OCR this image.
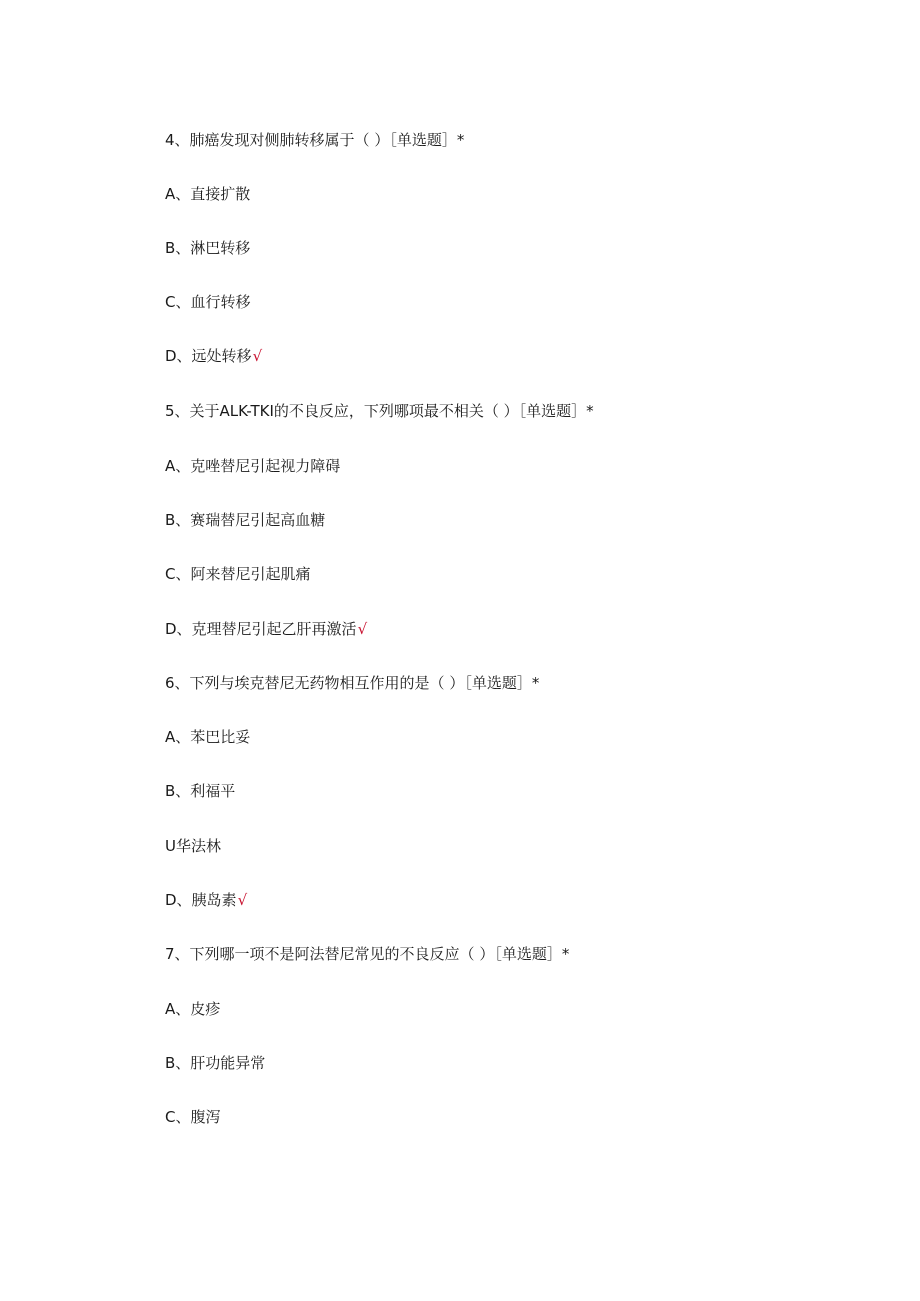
4、肺癌发现对侧肺转移属于（ ）［单选题］*
A、直接扩散
B、淋巴转移
C、血行转移
D、远处转移√
5、关于ALK-TKI的不良反应，下列哪项最不相关（ ）［单选题］*
A、克唑替尼引起视力障碍
B、赛瑞替尼引起高血糖
C、阿来替尼引起肌痛
D、克理替尼引起乙肝再激活√
6、下列与埃克替尼无药物相互作用的是（ ）［单选题］*
A、苯巴比妥
B、利福平
U华法林
D、胰岛素√
7、下列哪一项不是阿法替尼常见的不良反应（ ）［单选题］*
A、皮疹
B、肝功能异常
C、腹泻
